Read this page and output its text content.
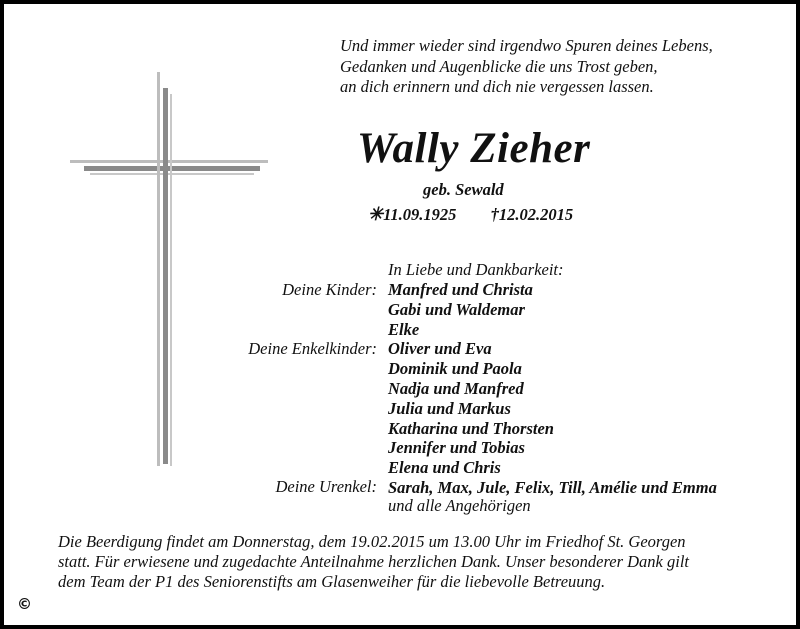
Und immer wieder sind irgendwo Spuren deines Lebens,
Gedanken und Augenblicke die uns Trost geben,
an dich erinnern und dich nie vergessen lassen.
Wally Zieher
geb. Sewald
✳11.09.1925 †12.02.2015
In Liebe und Dankbarkeit:
Deine Kinder:
Deine Enkelkinder:
Deine Urenkel:
Manfred und Christa
Gabi und Waldemar
Elke
Oliver und Eva
Dominik und Paola
Nadja und Manfred
Julia und Markus
Katharina und Thorsten
Jennifer und Tobias
Elena und Chris
Sarah, Max, Jule, Felix, Till, Amélie und Emma
und alle Angehörigen
Die Beerdigung findet am Donnerstag, dem 19.02.2015 um 13.00 Uhr im Friedhof St. Georgen
statt. Für erwiesene und zugedachte Anteilnahme herzlichen Dank. Unser besonderer Dank gilt
dem Team der P1 des Seniorenstifts am Glasenweiher für die liebevolle Betreuung.
©
